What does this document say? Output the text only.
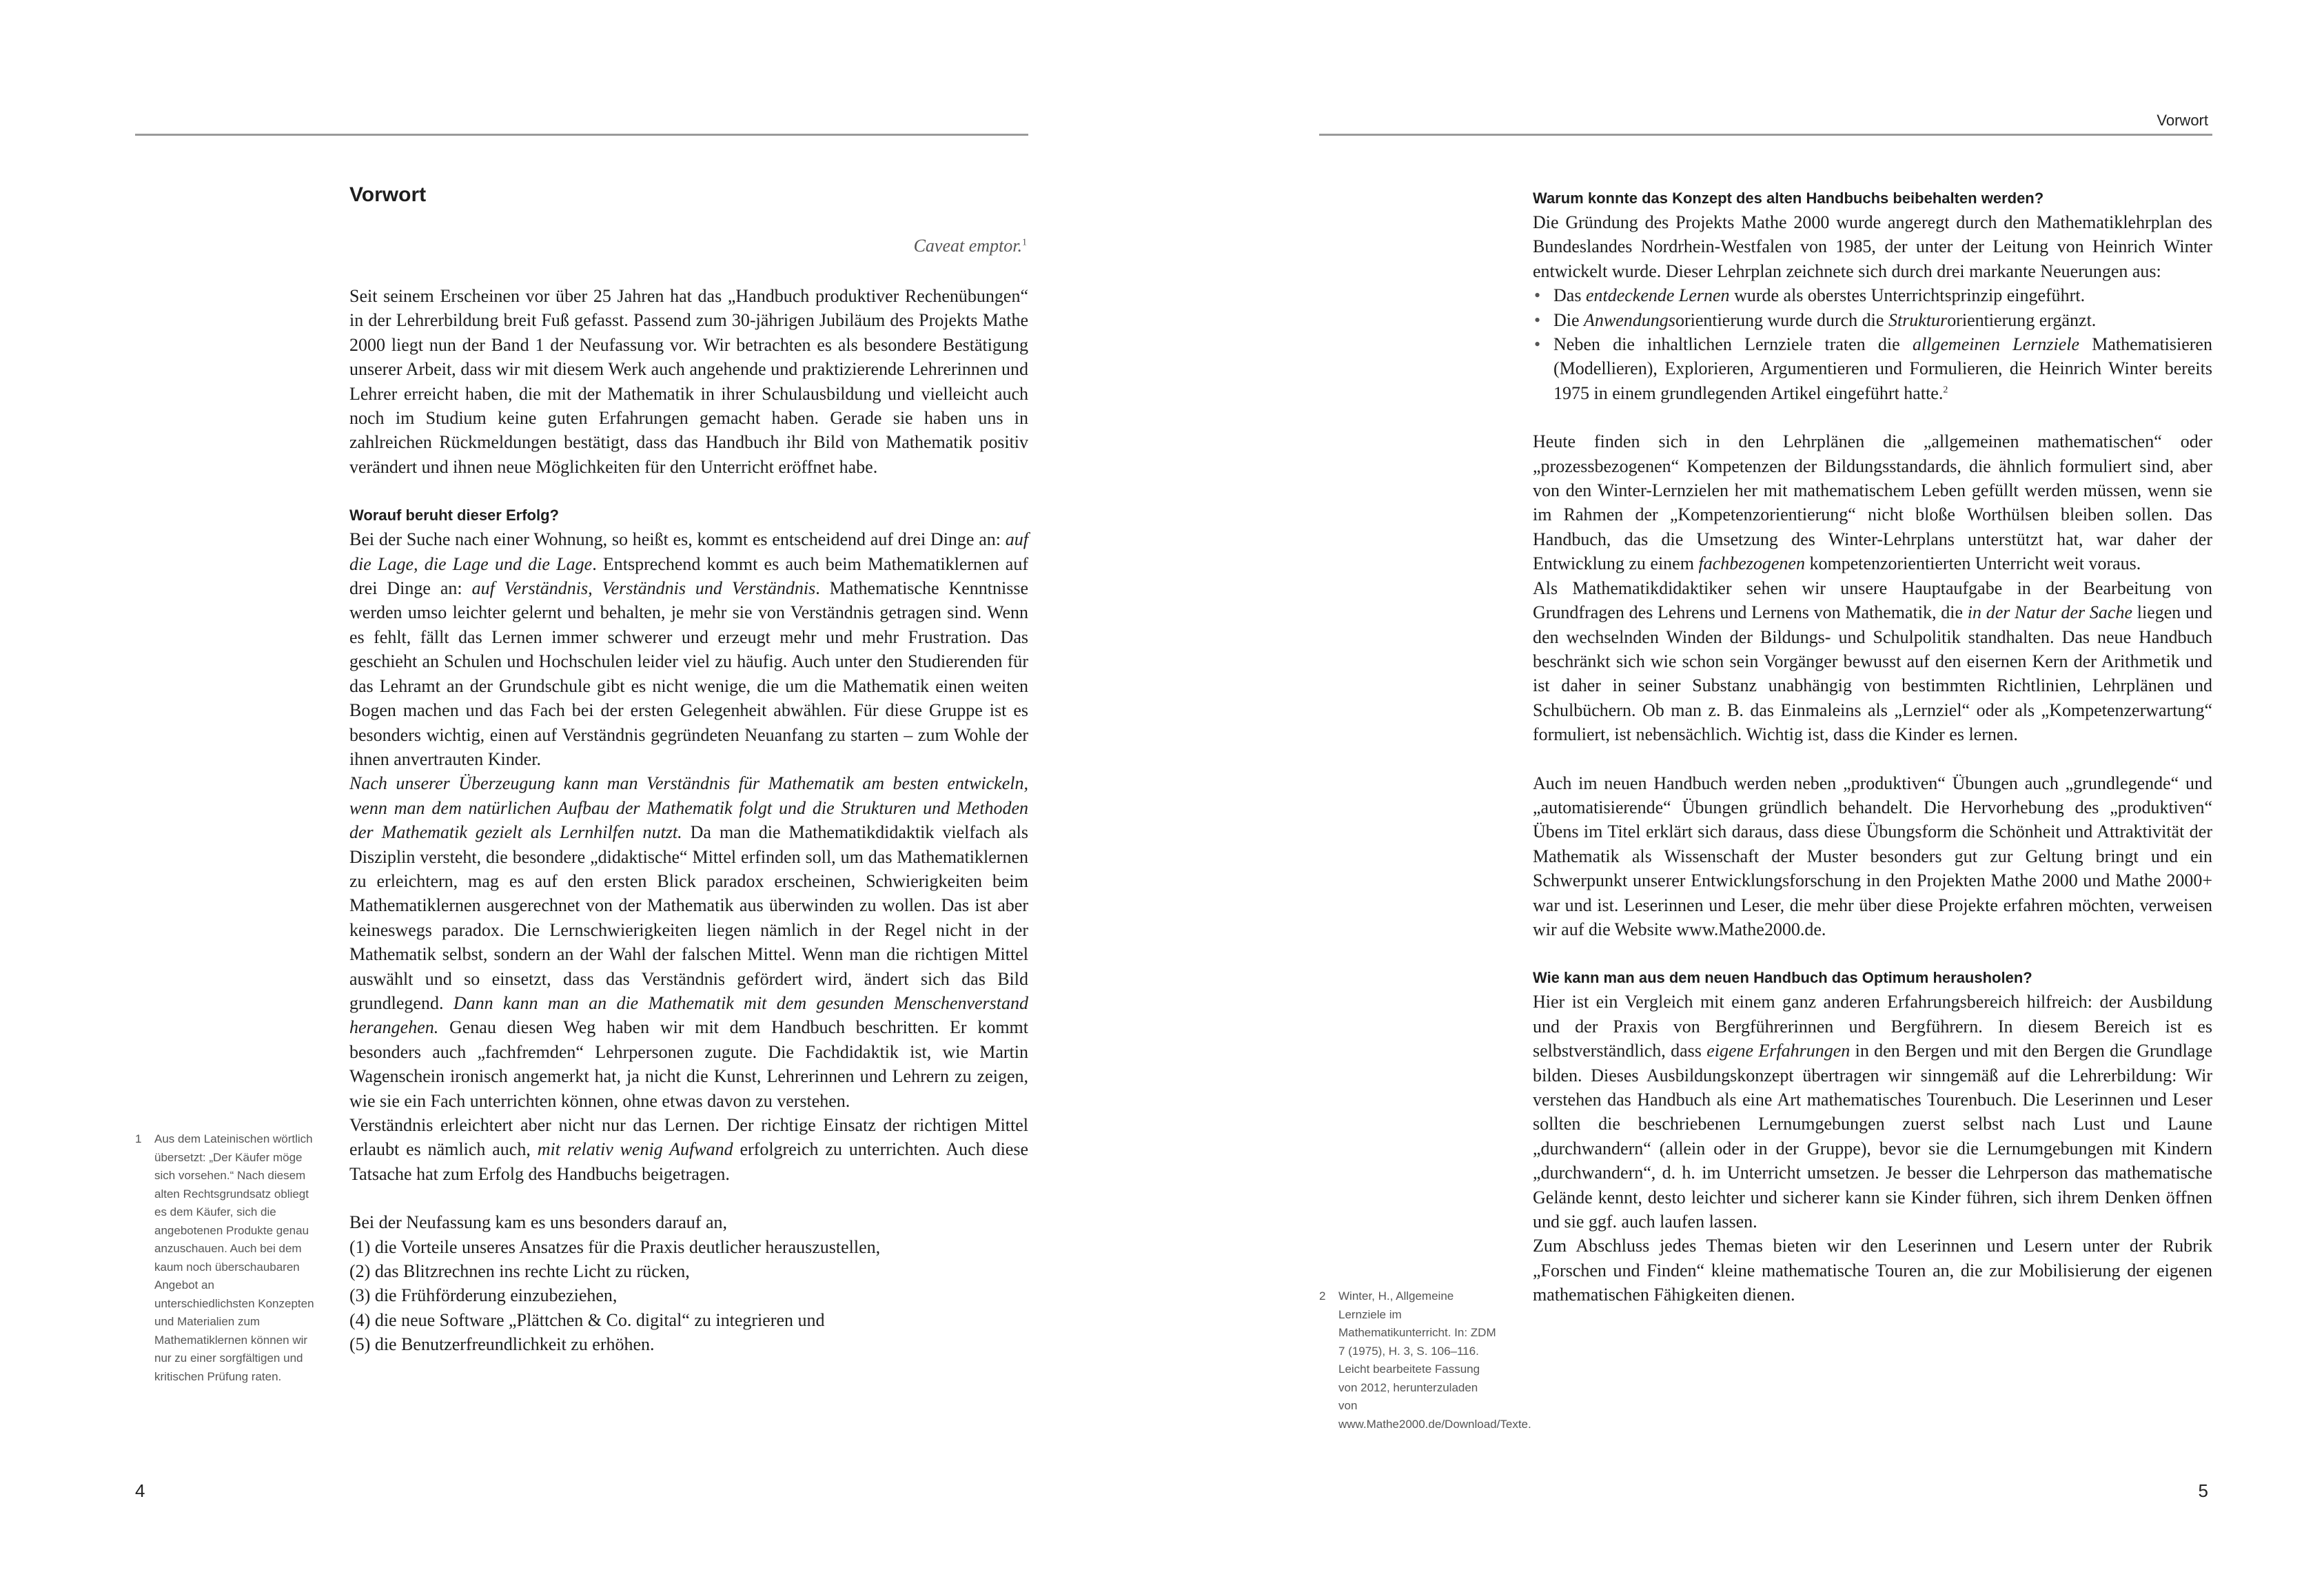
Vorwort
Vorwort
Caveat emptor.$^1$

Seit seinem Erscheinen vor über 25 Jahren hat das „Handbuch produktiver Rechenübungen“ in der Lehrerbildung breit Fuß gefasst. Passend zum 30-jährigen Jubiläum des Projekts Mathe 2000 liegt nun der Band 1 der Neufassung vor. Wir betrachten es als besondere Bestätigung unserer Arbeit, dass wir mit diesem Werk auch angehende und praktizierende Lehrerinnen und Lehrer erreicht haben, die mit der Mathematik in ihrer Schulausbildung und vielleicht auch noch im Studium keine guten Erfahrungen gemacht haben. Gerade sie haben uns in zahlreichen Rückmeldungen bestätigt, dass das Handbuch ihr Bild von Mathematik positiv verändert und ihnen neue Möglichkeiten für den Unterricht eröffnet habe.

Worauf beruht dieser Erfolg?

Bei der Suche nach einer Wohnung, so heißt es, kommt es entscheidend auf drei Dinge an: auf die Lage, die Lage und die Lage. Entsprechend kommt es auch beim Mathematiklernen auf drei Dinge an: auf Verständnis, Verständnis und Verständnis. Mathematische Kenntnisse werden umso leichter gelernt und behalten, je mehr sie von Verständnis getragen sind. Wenn es fehlt, fällt das Lernen immer schwerer und erzeugt mehr und mehr Frustration. Das geschieht an Schulen und Hochschulen leider viel zu häufig. Auch unter den Studierenden für das Lehramt an der Grundschule gibt es nicht wenige, die um die Mathematik einen weiten Bogen machen und das Fach bei der ersten Gelegenheit abwählen. Für diese Gruppe ist es besonders wichtig, einen auf Verständnis gegründeten Neuanfang zu starten – zum Wohle der ihnen anvertrauten Kinder.

Nach unserer Überzeugung kann man Verständnis für Mathematik am besten entwickeln, wenn man dem natürlichen Aufbau der Mathematik folgt und die Strukturen und Methoden der Mathematik gezielt als Lernhilfen nutzt. Da man die Mathematikdidaktik vielfach als Disziplin versteht, die besondere „didaktische“ Mittel erfinden soll, um das Mathematiklernen zu erleichtern, mag es auf den ersten Blick paradox erscheinen, Schwierigkeiten beim Mathematiklernen ausgerechnet von der Mathematik aus überwinden zu wollen. Das ist aber keineswegs paradox. Die Lernschwierigkeiten liegen nämlich in der Regel nicht in der Mathematik selbst, sondern an der Wahl der falschen Mittel. Wenn man die richtigen Mittel auswählt und so einsetzt, dass das Verständnis gefördert wird, ändert sich das Bild grundlegend. Dann kann man an die Mathematik mit dem gesunden Menschenverstand herangehen. Genau diesen Weg haben wir mit dem Handbuch beschritten. Er kommt besonders auch „fachfremden“ Lehrpersonen zugute. Die Fachdidaktik ist, wie Martin Wagenschein ironisch angemerkt hat, ja nicht die Kunst, Lehrerinnen und Lehrern zu zeigen, wie sie ein Fach unterrichten können, ohne etwas davon zu verstehen.

Verständnis erleichtert aber nicht nur das Lernen. Der richtige Einsatz der richtigen Mittel erlaubt es nämlich auch, mit relativ wenig Aufwand erfolgreich zu unterrichten. Auch diese Tatsache hat zum Erfolg des Handbuchs beigetragen.

Bei der Neufassung kam es uns besonders darauf an,

(1) die Vorteile unseres Ansatzes für die Praxis deutlicher herauszustellen,

(2) das Blitzrechnen ins rechte Licht zu rücken,

(3) die Frühförderung einzubeziehen,

(4) die neue Software „Plättchen & Co. digital“ zu integrieren und

(5) die Benutzerfreundlichkeit zu erhöhen.

1 Aus dem Lateinischen wörtlich übersetzt: „Der Käufer möge sich vorsehen.“ Nach diesem alten Rechtsgrundsatz obliegt es dem Käufer, sich die angebotenen Produkte genau anzuschauen. Auch bei dem kaum noch überschaubaren Angebot an unterschiedlichsten Konzepten und Materialien zum Mathematiklernen können wir nur zu einer sorgfältigen und kritischen Prüfung raten.
4
Warum konnte das Konzept des alten Handbuchs beibehalten werden?

Die Gründung des Projekts Mathe 2000 wurde angeregt durch den Mathematiklehrplan des Bundeslandes Nordrhein-Westfalen von 1985, der unter der Leitung von Heinrich Winter entwickelt wurde. Dieser Lehrplan zeichnete sich durch drei markante Neuerungen aus:

• Das entdeckende Lernen wurde als oberstes Unterrichtsprinzip eingeführt.
• Die Anwendungsorientierung wurde durch die Strukturorientierung ergänzt.
• Neben die inhaltlichen Lernziele traten die allgemeinen Lernziele Mathematisieren (Modellieren), Explorieren, Argumentieren und Formulieren, die Heinrich Winter bereits 1975 in einem grundlegenden Artikel eingeführt hatte.$^2$

Heute finden sich in den Lehrplänen die „allgemeinen mathematischen“ oder „prozessbezogenen“ Kompetenzen der Bildungsstandards, die ähnlich formuliert sind, aber von den Winter-Lernzielen her mit mathematischem Leben gefüllt werden müssen, wenn sie im Rahmen der „Kompetenzorientierung“ nicht bloße Worthülsen bleiben sollen. Das Handbuch, das die Umsetzung des Winter-Lehrplans unterstützt hat, war daher der Entwicklung zu einem fachbezogenen kompetenzorientierten Unterricht weit voraus.

Als Mathematikdidaktiker sehen wir unsere Hauptaufgabe in der Bearbeitung von Grundfragen des Lehrens und Lernens von Mathematik, die in der Natur der Sache liegen und den wechselnden Winden der Bildungs- und Schulpolitik standhalten. Das neue Handbuch beschränkt sich wie schon sein Vorgänger bewusst auf den eisernen Kern der Arithmetik und ist daher in seiner Substanz unabhängig von bestimmten Richtlinien, Lehrplänen und Schulbüchern. Ob man z. B. das Einmaleins als „Lernziel“ oder als „Kompetenzerwartung“ formuliert, ist nebensächlich. Wichtig ist, dass die Kinder es lernen.

Auch im neuen Handbuch werden neben „produktiven“ Übungen auch „grundlegende“ und „automatisierende“ Übungen gründlich behandelt. Die Hervorhebung des „produktiven“ Übens im Titel erklärt sich daraus, dass diese Übungsform die Schönheit und Attraktivität der Mathematik als Wissenschaft der Muster besonders gut zur Geltung bringt und ein Schwerpunkt unserer Entwicklungsforschung in den Projekten Mathe 2000 und Mathe 2000+ war und ist. Leserinnen und Leser, die mehr über diese Projekte erfahren möchten, verweisen wir auf die Website www.Mathe2000.de.

Wie kann man aus dem neuen Handbuch das Optimum herausholen?

Hier ist ein Vergleich mit einem ganz anderen Erfahrungsbereich hilfreich: der Ausbildung und der Praxis von Bergführerinnen und Bergführern. In diesem Bereich ist es selbstverständlich, dass eigene Erfahrungen in den Bergen und mit den Bergen die Grundlage bilden. Dieses Ausbildungskonzept übertragen wir sinngemäß auf die Lehrerbildung: Wir verstehen das Handbuch als eine Art mathematisches Tourenbuch. Die Leserinnen und Leser sollten die beschriebenen Lernumgebungen zuerst selbst nach Lust und Laune „durchwandern“ (allein oder in der Gruppe), bevor sie die Lernumgebungen mit Kindern „durchwandern“, d. h. im Unterricht umsetzen. Je besser die Lehrperson das mathematische Gelände kennt, desto leichter und sicherer kann sie Kinder führen, sich ihrem Denken öffnen und sie ggf. auch laufen lassen.

Zum Abschluss jedes Themas bieten wir den Leserinnen und Lesern unter der Rubrik „Forschen und Finden“ kleine mathematische Touren an, die zur Mobilisierung der eigenen mathematischen Fähigkeiten dienen.

2 Winter, H., Allgemeine Lernziele im Mathematikunterricht. In: ZDM 7 (1975), H. 3, S. 106–116. Leicht bearbeitete Fassung von 2012, herunterzuladen von www.Mathe2000.de/Download/Texte.
5
